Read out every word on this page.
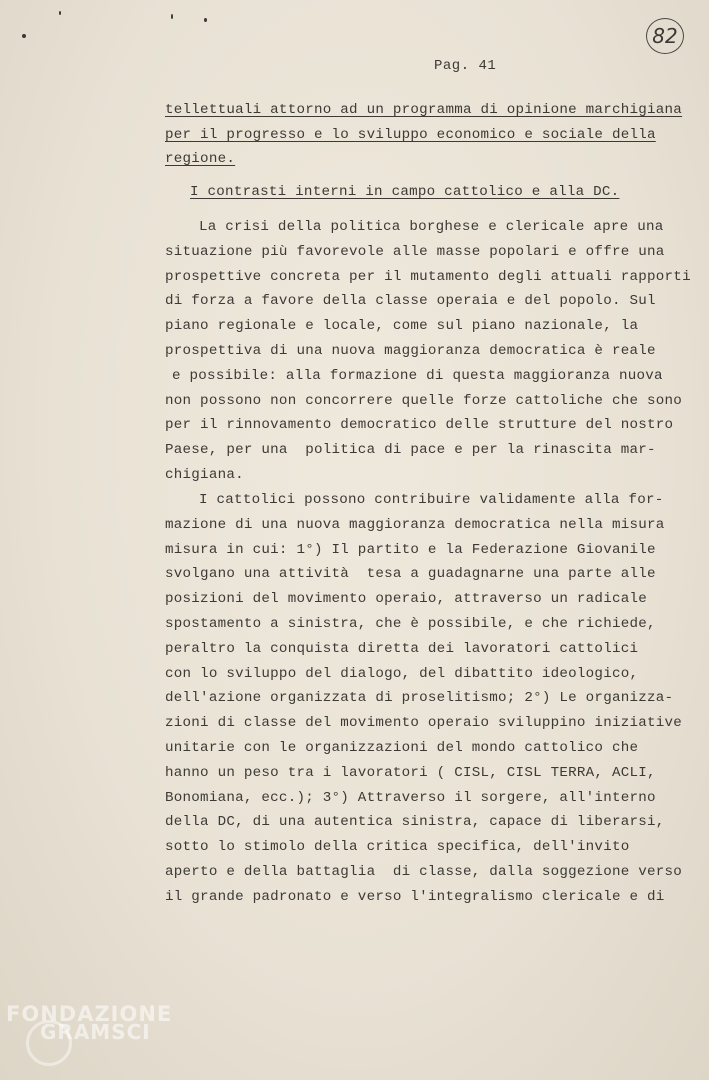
82
Pag. 41
tellettuali attorno ad un programma di opinione marchigiana
per il progresso e lo sviluppo economico e sociale della
regione.
I contrasti interni in campo cattolico e alla DC.
La crisi della politica borghese e clericale apre una
situazione più favorevole alle masse popolari e offre una
prospettive concreta per il mutamento degli attuali rapporti
di forza a favore della classe operaia e del popolo. Sul
piano regionale e locale, come sul piano nazionale, la
prospettiva di una nuova maggioranza democratica è reale
e possibile: alla formazione di questa maggioranza nuova
non possono non concorrere quelle forze cattoliche che sono
per il rinnovamento democratico delle strutture del nostro
Paese, per una  politica di pace e per la rinascita mar-
chigiana.
I cattolici possono contribuire validamente alla for-
mazione di una nuova maggioranza democratica nella misura
misura in cui: 1°) Il partito e la Federazione Giovanile
svolgano una attività  tesa a guadagnarne una parte alle
posizioni del movimento operaio, attraverso un radicale
spostamento a sinistra, che è possibile, e che richiede,
peraltro la conquista diretta dei lavoratori cattolici
con lo sviluppo del dialogo, del dibattito ideologico,
dell'azione organizzata di proselitismo; 2°) Le organizza-
zioni di classe del movimento operaio sviluppino iniziative
unitarie con le organizzazioni del mondo cattolico che
hanno un peso tra i lavoratori ( CISL, CISL TERRA, ACLI,
Bonomiana, ecc.); 3°) Attraverso il sorgere, all'interno
della DC, di una autentica sinistra, capace di liberarsi,
sotto lo stimolo della critica specifica, dell'invito
aperto e della battaglia  di classe, dalla soggezione verso
il grande padronato e verso l'integralismo clericale e di
FONDAZIONE
GRAMSCI
